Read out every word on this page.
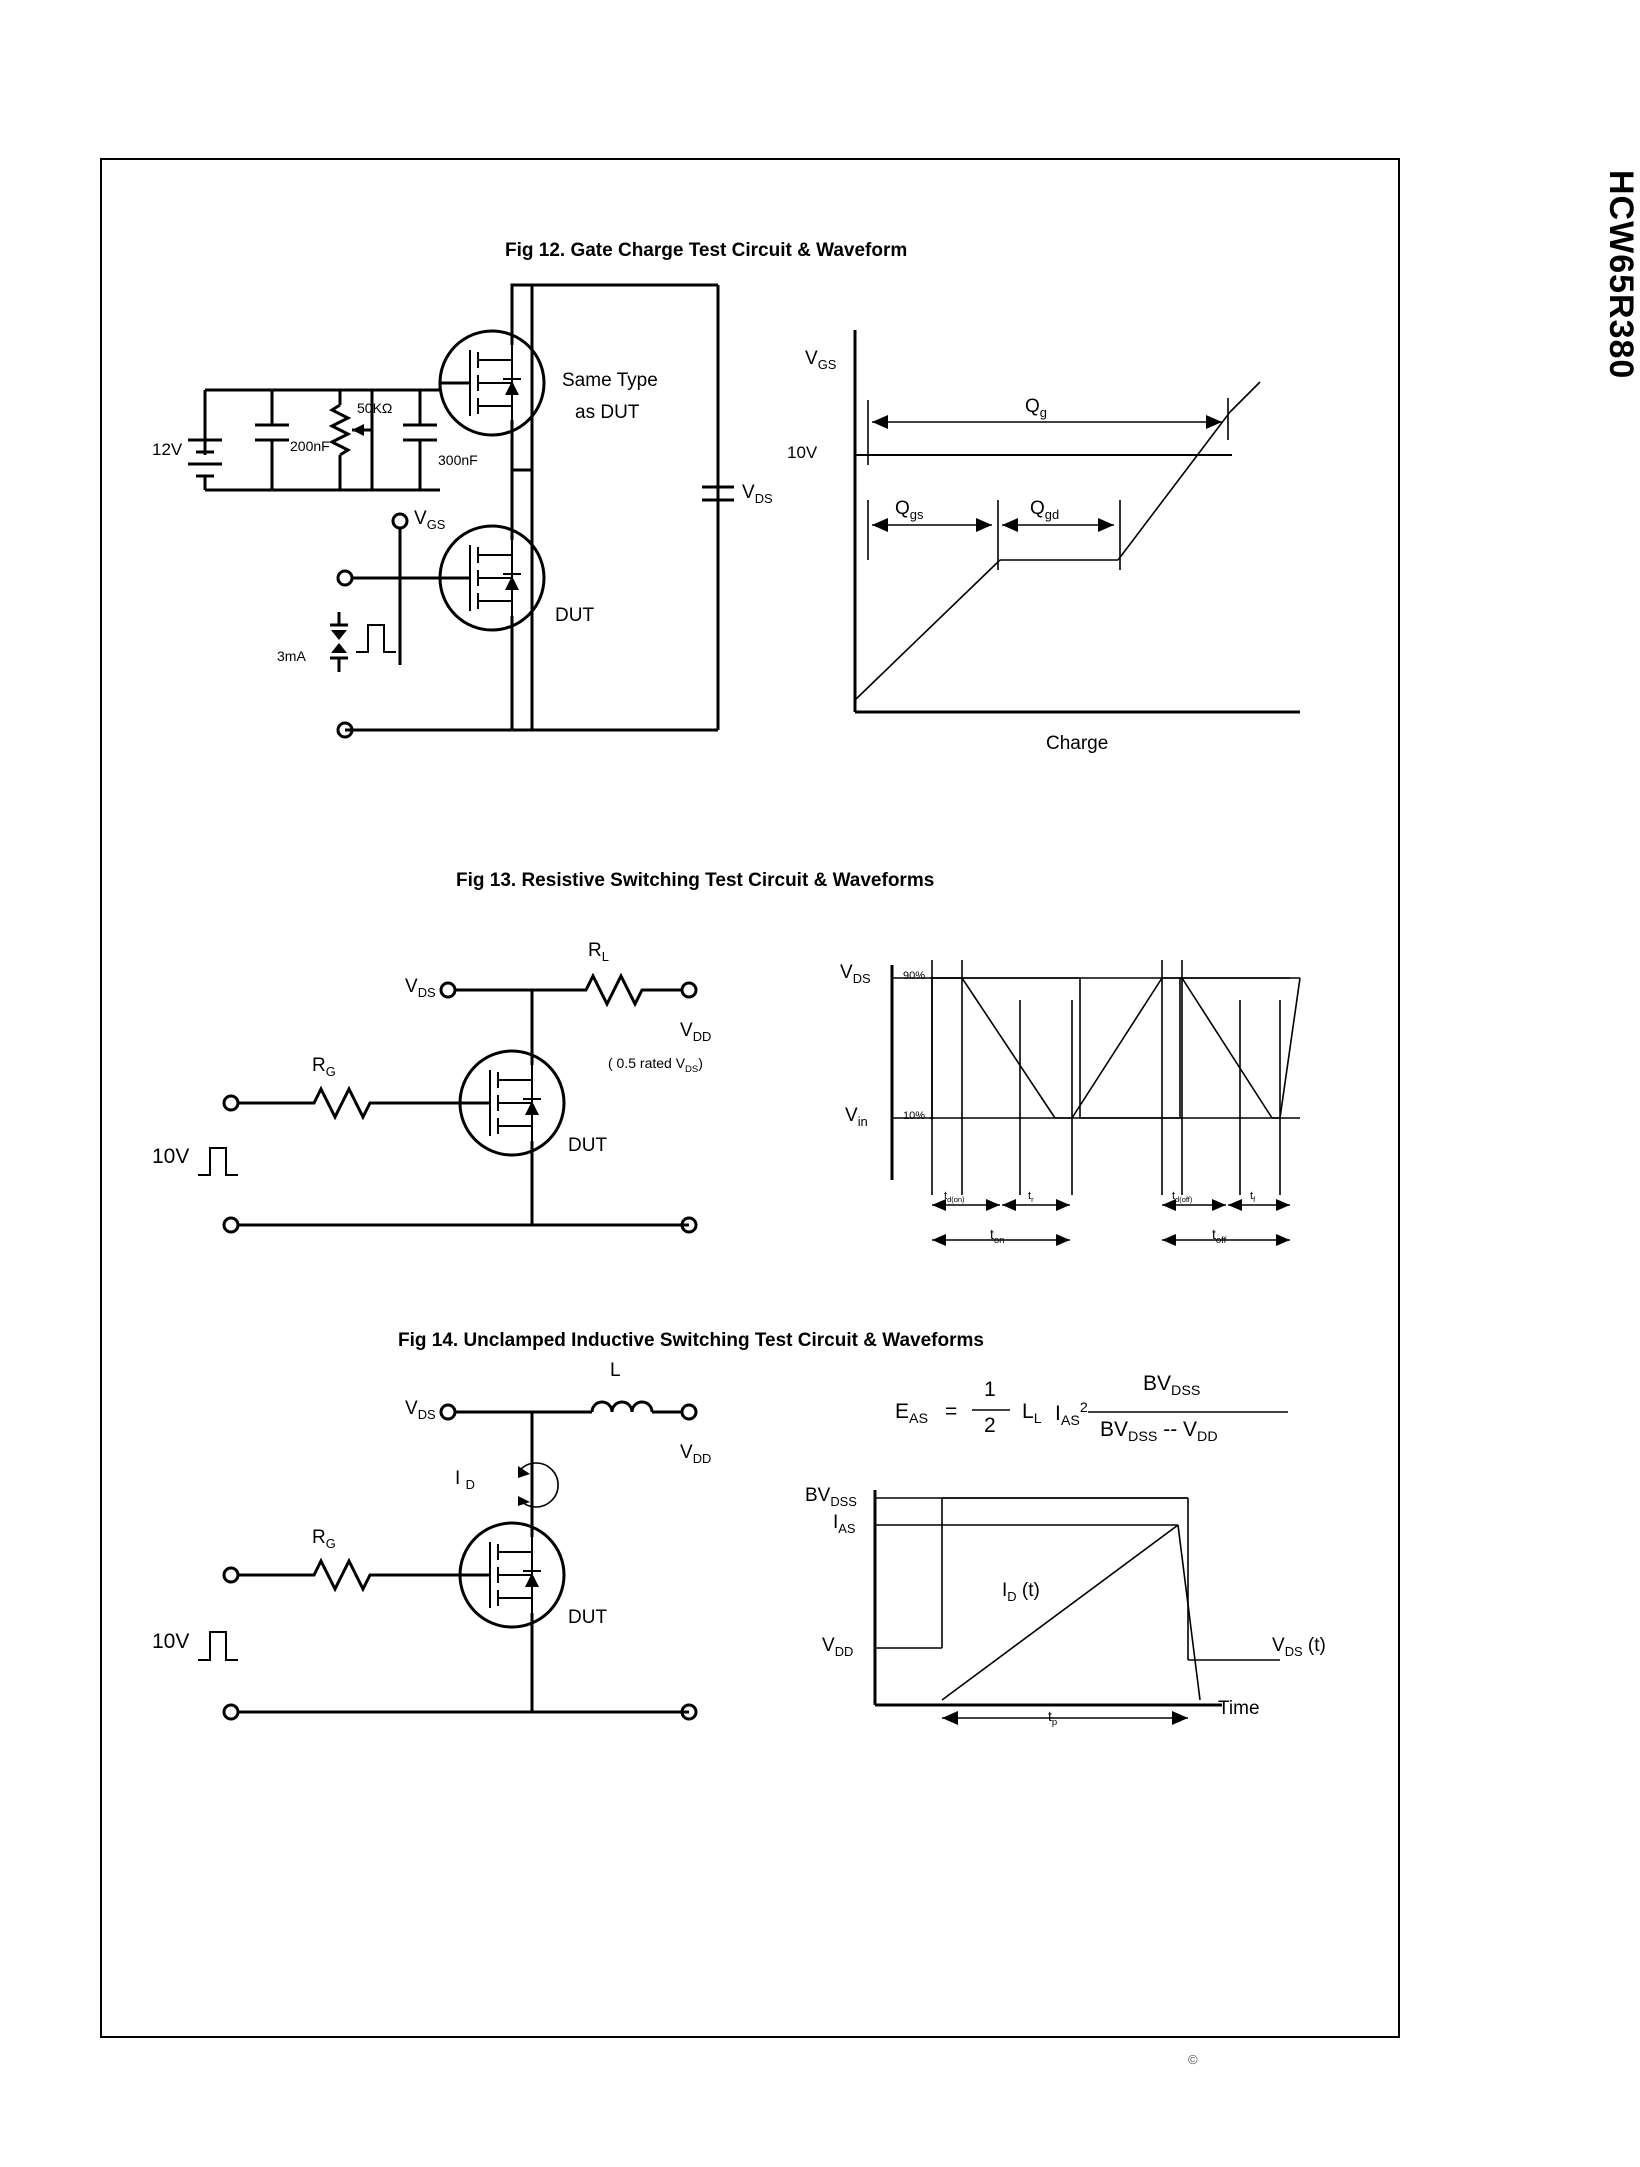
HCW65R380
Fig 12. Gate Charge Test Circuit & Waveform
12V	200nF
50KΩ
300nF
Same Type
as DUT
$V_{DS}$
$V_{GS}$
DUT
3mA
$V_{GS}$
10V
$Q_g$
$Q_{gs}$	$Q_{gd}$
Charge
Fig 13. Resistive Switching Test Circuit & Waveforms
$V_{DS}$
$R_L$
$R_G$
$V_{DD}$
( 0.5 rated $V_{DS}$)
10V	DUT
$V_{DS}$
$V_{in}$
90%
10%
$t_{d(on)}$	$t_r$	$t_{d(off)}$	$t_f$
$t_{on}$	$t_{off}$
Fig 14. Unclamped Inductive Switching Test Circuit & Waveforms
$V_{DS}$
L
$V_{DD}$
I $_D$
$R_G$
10V
DUT
$E_{AS}$ =
1
2
$L_L$ $I_{AS}^2$
$BV_{DSS}$
$BV_{DSS} -- V_{DD}$
$BV_{DSS}$
$I_{AS}$
$V_{DD}$
$I_D$ (t)
$V_{DS}$ (t)
$t_p$
Time
©
